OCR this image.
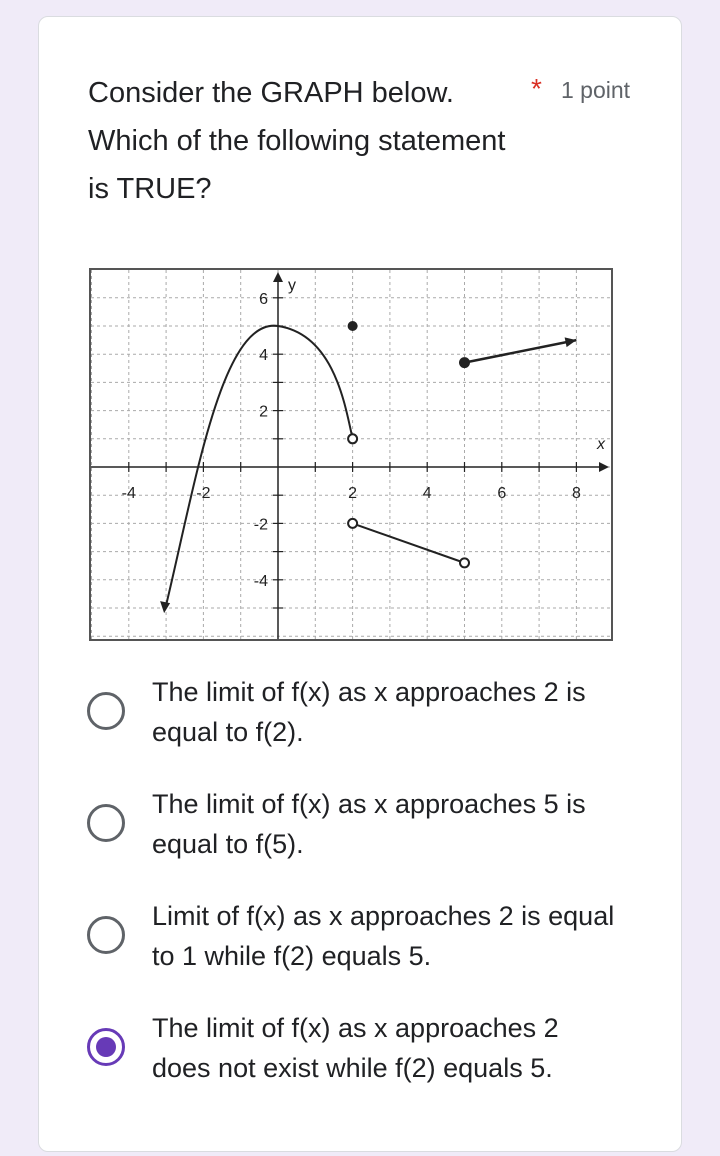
Consider the GRAPH below. Which of the following statement is TRUE?
* 1 point
x
y
-4	-2	2	4	6	8
6
4
2
-2
-4
The limit of f(x) as x approaches 2 is equal to f(2).
The limit of f(x) as x approaches 5 is equal to f(5).
Limit of f(x) as x approaches 2 is equal to 1 while f(2) equals 5.
The limit of f(x) as x approaches 2 does not exist while f(2) equals 5.
